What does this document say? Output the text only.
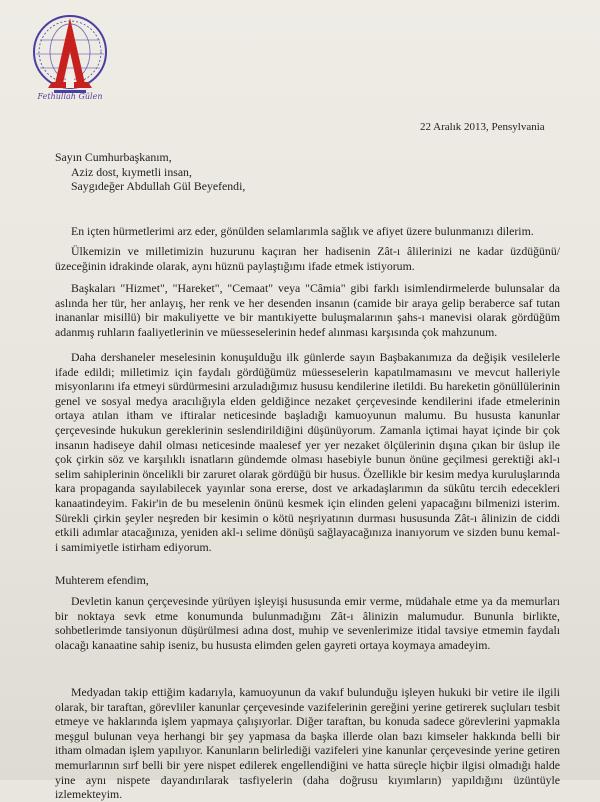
Fethullah Gülen
22 Aralık 2013, Pensylvania

Sayın Cumhurbaşkanım,

Aziz dost, kıymetli insan,

Saygıdeğer Abdullah Gül Beyefendi,

En içten hürmetlerimi arz eder, gönülden selamlarımla sağlık ve afiyet üzere bulunmanızı dilerim.
Ülkemizin ve milletimizin huzurunu kaçıran her hadisenin Zât-ı âlilerinizi ne kadar üzdüğünü/üzeceğinin idrakinde olarak, aynı hüznü paylaştığımı ifade etmek istiyorum.
Başkaları "Hizmet", "Hareket", "Cemaat" veya "Câmia" gibi farklı isimlendirmelerde bulunsalar da aslında her tür, her anlayış, her renk ve her desenden insanın (camide bir araya gelip beraberce saf tutan inananlar misillü) bir makuliyette ve bir mantıkiyette buluşmalarının şahs-ı manevisi olarak gördüğüm adanmış ruhların faaliyetlerinin ve müesseselerinin hedef alınması karşısında çok mahzunum.
Daha dershaneler meselesinin konuşulduğu ilk günlerde sayın Başbakanımıza da değişik vesilelerle ifade edildi; milletimiz için faydalı gördüğümüz müesseselerin kapatılmamasını ve mevcut halleriyle misyonlarını ifa etmeyi sürdürmesini arzuladığımız hususu kendilerine iletildi. Bu hareketin gönüllülerinin genel ve sosyal medya aracılığıyla elden geldiğince nezaket çerçevesinde kendilerini ifade etmelerinin ortaya atılan itham ve iftiralar neticesinde başladığı kamuoyunun malumu. Bu hususta kanunlar çerçevesinde hukukun gereklerinin seslendirildiğini düşünüyorum. Zamanla içtimai hayat içinde bir çok insanın hadiseye dahil olması neticesinde maalesef yer yer nezaket ölçülerinin dışına çıkan bir üslup ile çok çirkin söz ve karşılıklı isnatların gündemde olması hasebiyle bunun önüne geçilmesi gerektiği akl-ı selim sahiplerinin öncelikli bir zaruret olarak gördüğü bir husus. Özellikle bir kesim medya kuruluşlarında kara propaganda sayılabilecek yayınlar sona ererse, dost ve arkadaşlarımın da sükûtu tercih edecekleri kanaatindeyim. Fakir'in de bu meselenin önünü kesmek için elinden geleni yapacağını bilmenizi isterim. Sürekli çirkin şeyler neşreden bir kesimin o kötü neşriyatının durması hususunda Zât-ı âlinizin de ciddi etkili adımlar atacağınıza, yeniden akl-ı selime dönüşü sağlayacağınıza inanıyorum ve sizden bunu kemal-i samimiyetle istirham ediyorum.
Muhterem efendim,
Devletin kanun çerçevesinde yürüyen işleyişi hususunda emir verme, müdahale etme ya da memurları bir noktaya sevk etme konumunda bulunmadığını Zât-ı âlinizin malumudur. Bununla birlikte, sohbetlerimde tansiyonun düşürülmesi adına dost, muhip ve sevenlerimize itidal tavsiye etmemin faydalı olacağı kanaatine sahip iseniz, bu hususta elimden gelen gayreti ortaya koymaya amadeyim.
Medyadan takip ettiğim kadarıyla, kamuoyunun da vakıf bulunduğu işleyen hukuki bir vetire ile ilgili olarak, bir taraftan, görevliler kanunlar çerçevesinde vazifelerinin gereğini yerine getirerek suçluları tesbit etmeye ve haklarında işlem yapmaya çalışıyorlar. Diğer taraftan, bu konuda sadece görevlerini yapmakla meşgul bulunan veya herhangi bir şey yapmasa da başka illerde olan bazı kimseler hakkında belli bir itham olmadan işlem yapılıyor. Kanunların belirlediği vazifeleri yine kanunlar çerçevesinde yerine getiren memurlarının sırf belli bir yere nispet edilerek engellendiğini ve hatta süreçle hiçbir ilgisi olmadığı halde yine aynı nispete dayandırılarak tasfiyelerin (daha doğrusu kıyımların) yapıldığını üzüntüyle izlemekteyim.
